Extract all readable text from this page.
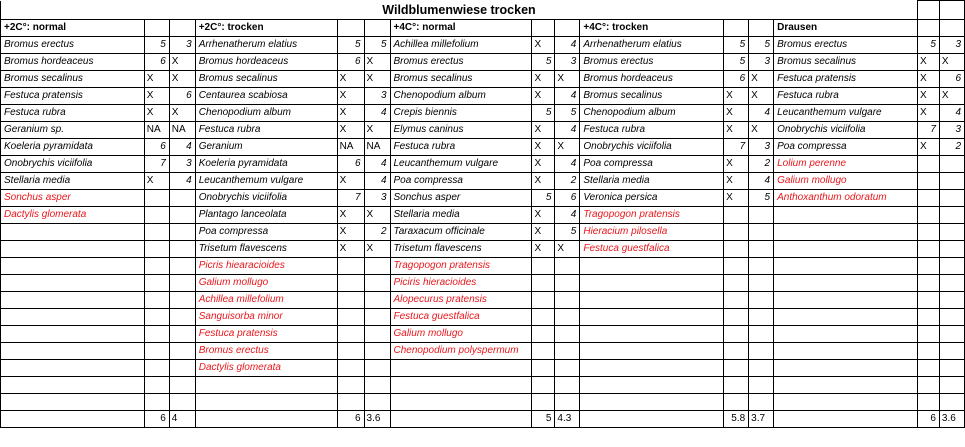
Wildblumenwiese trocken														
+2C°: normal			+2C°: trocken			+4C°: normal			+4C°: trocken			Drausen		
Bromus erectus	5	3	Arrhenatherum elatius	5	5	Achillea millefolium	X	4	Arrhenatherum elatius	5	5	Bromus erectus	5	3
Bromus hordeaceus	6	X	Bromus hordeaceus	6	X	Bromus erectus	5	3	Bromus erectus	5	3	Bromus secalinus	X	X
Bromus secalinus	X	X	Bromus secalinus	X	X	Bromus secalinus	X	X	Bromus hordeaceus	6	X	Festuca pratensis	X	6
Festuca pratensis	X	6	Centaurea scabiosa	X	3	Chenopodium album	X	4	Bromus secalinus	X	X	Festuca rubra	X	X
Festuca rubra	X	X	Chenopodium album	X	4	Crepis biennis	5	5	Chenopodium album	X	4	Leucanthemum vulgare	X	4
Geranium sp.	NA	NA	Festuca rubra	X	X	Elymus caninus	X	4	Festuca rubra	X	X	Onobrychis viciifolia	7	3
Koeleria pyramidata	6	4	Geranium	NA	NA	Festuca rubra	X	X	Onobrychis viciifolia	7	3	Poa compressa	X	2
Onobrychis viciifolia	7	3	Koeleria pyramidata	6	4	Leucanthemum vulgare	X	4	Poa compressa	X	2	Lolium perenne		
Stellaria media	X	4	Leucanthemum vulgare	X	4	Poa compressa	X	2	Stellaria media	X	4	Galium mollugo		
Sonchus asper			Onobrychis viciifolia	7	3	Sonchus asper	5	6	Veronica persica	X	5	Anthoxanthum odoratum		
Dactylis glomerata			Plantago lanceolata	X	X	Stellaria media	X	4	Tragopogon pratensis					
			Poa compressa	X	2	Taraxacum officinale	X	5	Hieracium pilosella					
			Trisetum flavescens	X	X	Trisetum flavescens	X	X	Festuca guestfalica					
			Picris hiearacioides			Tragopogon pratensis								
			Galium mollugo			Piciris hieracioides								
			Achillea millefolium			Alopecurus pratensis								
			Sanguisorba minor			Festuca guestfalica								
			Festuca pratensis			Galium mollugo								
			Bromus erectus			Chenopodium polyspermum								
			Dactylis glomerata											

	6	4		6	3.6		5	4.3		5.8	3.7		6	3.6
